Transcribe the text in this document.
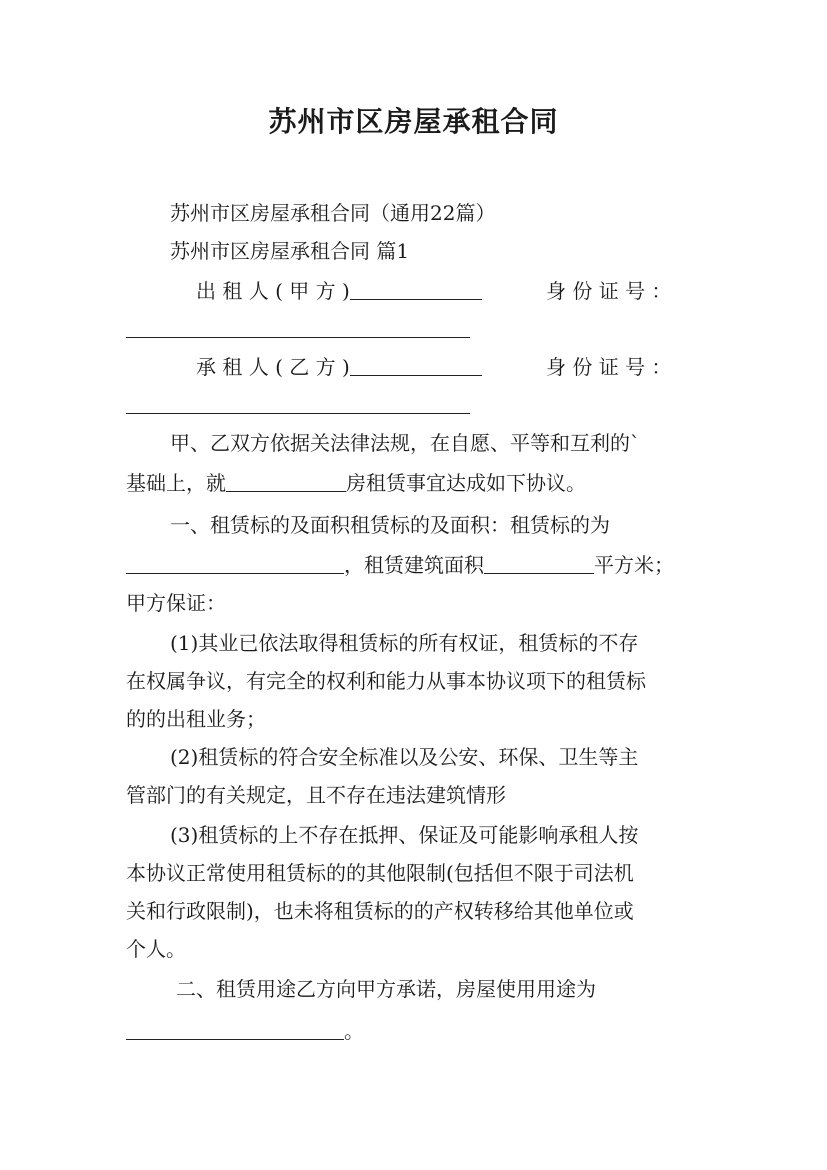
苏州市区房屋承租合同
苏州市区房屋承租合同（通用22篇）
苏州市区房屋承租合同 篇1
出 租 人 ( 甲 方 )	身 份 证 号 ：
承 租 人 ( 乙 方 )	身 份 证 号 ：
甲、乙双方依据关法律法规，在自愿、平等和互利的`
基础上，就	房租赁事宜达成如下协议。
一、租赁标的及面积租赁标的及面积：租赁标的为
，租赁建筑面积	平方米；
甲方保证：
(1)其业已依法取得租赁标的所有权证，租赁标的不存
在权属争议，有完全的权利和能力从事本协议项下的租赁标
的的出租业务；
(2)租赁标的符合安全标准以及公安、环保、卫生等主
管部门的有关规定，且不存在违法建筑情形
(3)租赁标的上不存在抵押、保证及可能影响承租人按
本协议正常使用租赁标的的其他限制(包括但不限于司法机
关和行政限制)，也未将租赁标的的产权转移给其他单位或
个人。
二、租赁用途乙方向甲方承诺，房屋使用用途为
。
